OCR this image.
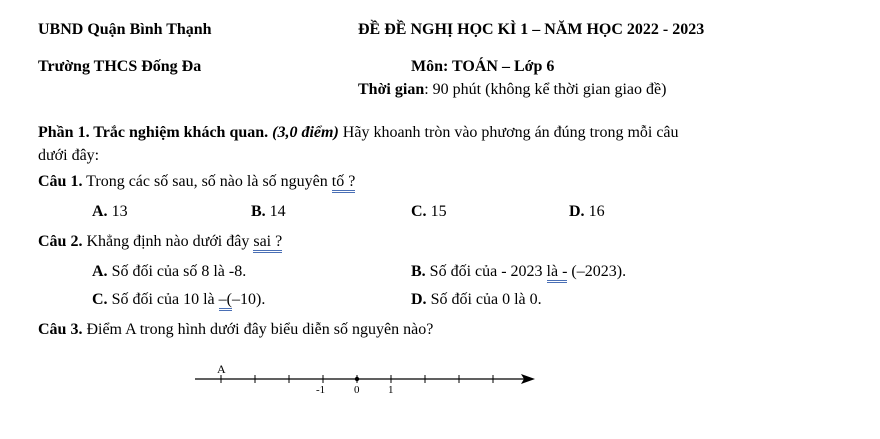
UBND Quận Bình Thạnh	ĐỀ ĐỀ NGHỊ HỌC KÌ 1 – NĂM HỌC 2022 - 2023
Trường THCS Đống Đa	Môn: TOÁN – Lớp 6
Thời gian: 90 phút (không kể thời gian giao đề)
Phần 1. Trắc nghiệm khách quan. (3,0 điểm) Hãy khoanh tròn vào phương án đúng trong mỗi câu
dưới đây:
Câu 1. Trong các số sau, số nào là số nguyên tố ?
A. 13	B. 14	C. 15	D. 16
Câu 2. Khẳng định nào dưới đây sai ?
A. Số đối của số 8 là -8.	B. Số đối của - 2023 là - (–2023).
C. Số đối của 10 là –(–10).	D. Số đối của 0 là 0.
Câu 3. Điểm A trong hình dưới đây biểu diễn số nguyên nào?
A
-1	0	1
